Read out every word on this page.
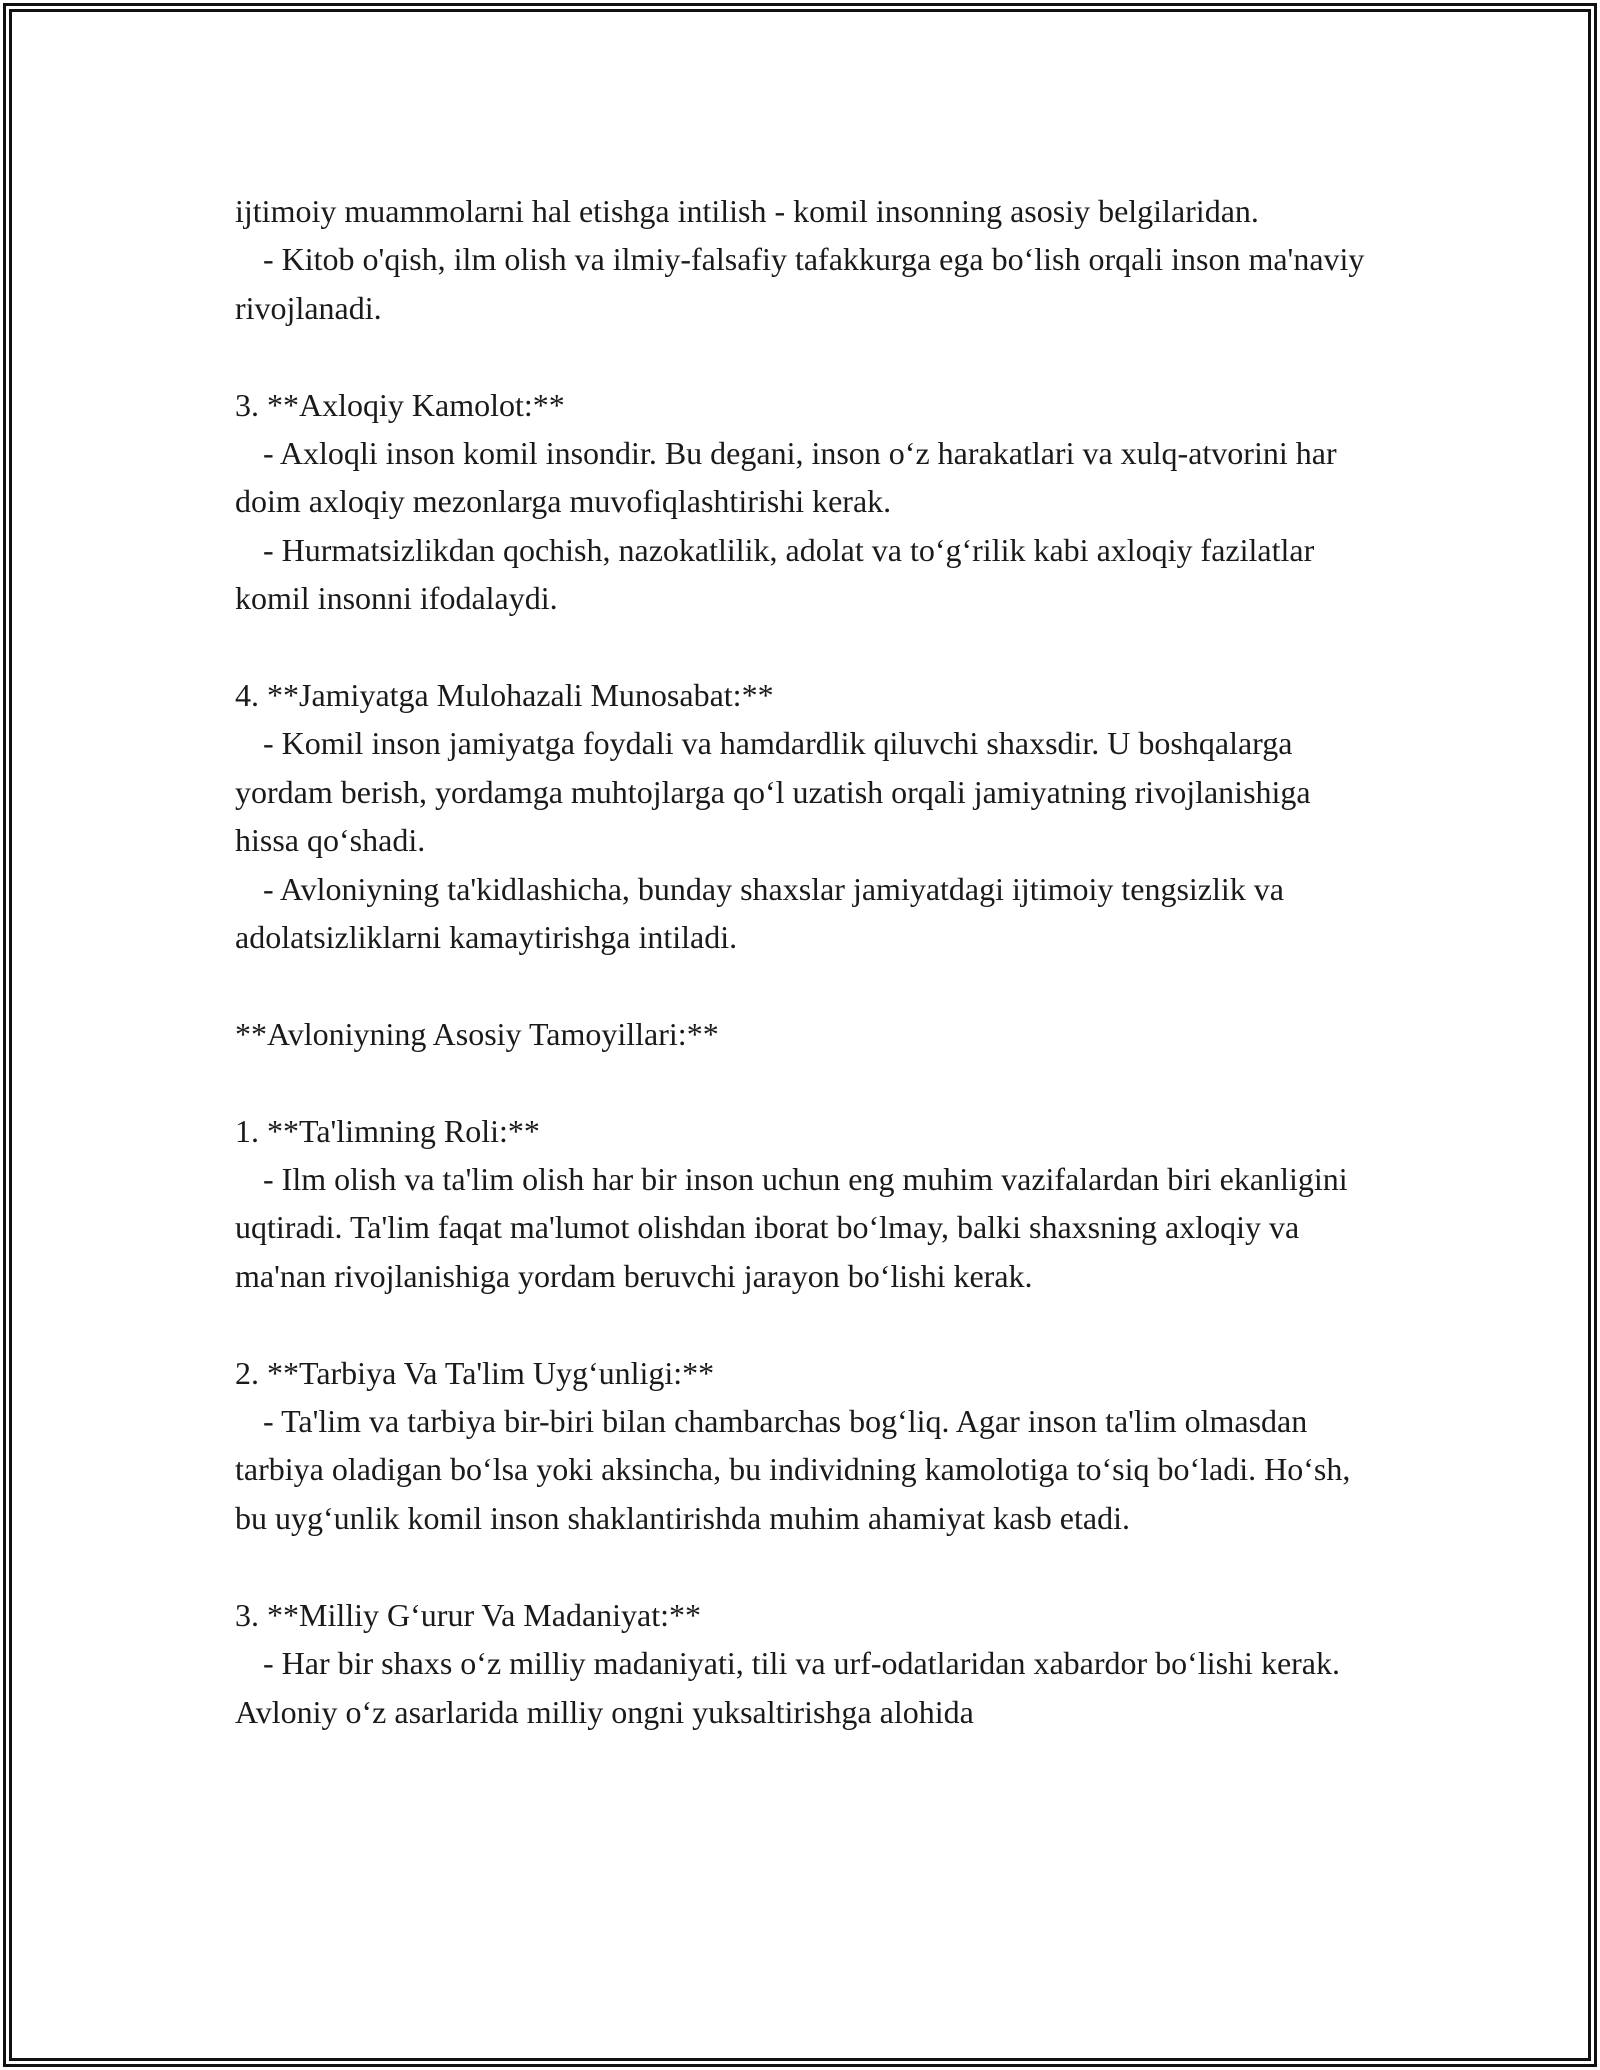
ijtimoiy muammolarni hal etishga intilish - komil insonning asosiy belgilaridan.

- Kitob o'qish, ilm olish va ilmiy-falsafiy tafakkurga ega bo‘lish orqali inson ma'naviy rivojlanadi.

3. **Axloqiy Kamolot:**

- Axloqli inson komil insondir. Bu degani, inson o‘z harakatlari va xulq-atvorini har doim axloqiy mezonlarga muvofiqlashtirishi kerak.

- Hurmatsizlikdan qochish, nazokatlilik, adolat va to‘g‘rilik kabi axloqiy fazilatlar komil insonni ifodalaydi.

4. **Jamiyatga Mulohazali Munosabat:**

- Komil inson jamiyatga foydali va hamdardlik qiluvchi shaxsdir. U boshqalarga yordam berish, yordamga muhtojlarga qo‘l uzatish orqali jamiyatning rivojlanishiga hissa qo‘shadi.

- Avloniyning ta'kidlashicha, bunday shaxslar jamiyatdagi ijtimoiy tengsizlik va adolatsizliklarni kamaytirishga intiladi.

**Avloniyning Asosiy Tamoyillari:**

1. **Ta'limning Roli:**

- Ilm olish va ta'lim olish har bir inson uchun eng muhim vazifalardan biri ekanligini uqtiradi. Ta'lim faqat ma'lumot olishdan iborat bo‘lmay, balki shaxsning axloqiy va ma'nan rivojlanishiga yordam beruvchi jarayon bo‘lishi kerak.

2. **Tarbiya Va Ta'lim Uyg‘unligi:**

- Ta'lim va tarbiya bir-biri bilan chambarchas bog‘liq. Agar inson ta'lim olmasdan tarbiya oladigan bo‘lsa yoki aksincha, bu individning kamolotiga to‘siq bo‘ladi. Ho‘sh, bu uyg‘unlik komil inson shaklantirishda muhim ahamiyat kasb etadi.

3. **Milliy G‘urur Va Madaniyat:**

- Har bir shaxs o‘z milliy madaniyati, tili va urf-odatlaridan xabardor bo‘lishi kerak. Avloniy o‘z asarlarida milliy ongni yuksaltirishga alohida
